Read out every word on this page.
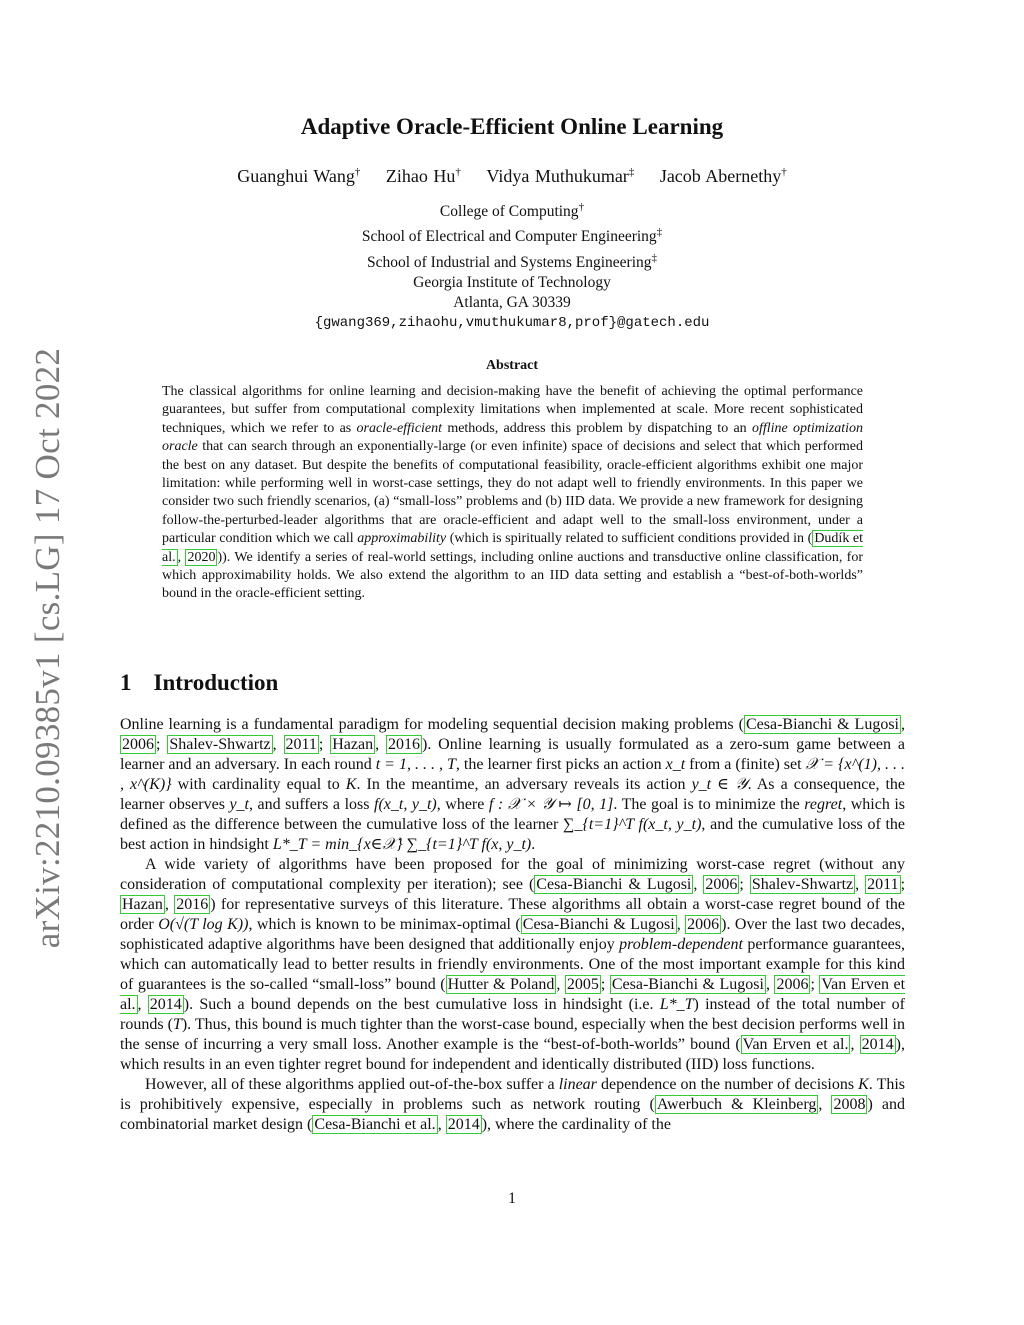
arXiv:2210.09385v1 [cs.LG] 17 Oct 2022
Adaptive Oracle-Efficient Online Learning
Guanghui Wang† Zihao Hu† Vidya Muthukumar‡ Jacob Abernethy†
College of Computing†
School of Electrical and Computer Engineering‡
School of Industrial and Systems Engineering‡
Georgia Institute of Technology
Atlanta, GA 30339
{gwang369,zihaohu,vmuthukumar8,prof}@gatech.edu
Abstract
The classical algorithms for online learning and decision-making have the benefit of achieving the optimal performance guarantees, but suffer from computational complexity limitations when implemented at scale. More recent sophisticated techniques, which we refer to as oracle-efficient methods, address this problem by dispatching to an offline optimization oracle that can search through an exponentially-large (or even infinite) space of decisions and select that which performed the best on any dataset. But despite the benefits of computational feasibility, oracle-efficient algorithms exhibit one major limitation: while performing well in worst-case settings, they do not adapt well to friendly environments. In this paper we consider two such friendly scenarios, (a) “small-loss” problems and (b) IID data. We provide a new framework for designing follow-the-perturbed-leader algorithms that are oracle-efficient and adapt well to the small-loss environment, under a particular condition which we call approximability (which is spiritually related to sufficient conditions provided in ( Dudík et al. , 2020 )). We identify a series of real-world settings, including online auctions and transductive online classification, for which approximability holds. We also extend the algorithm to an IID data setting and establish a “best-of-both-worlds” bound in the oracle-efficient setting.
1 Introduction

Online learning is a fundamental paradigm for modeling sequential decision making problems ( Cesa-Bianchi & Lugosi , 2006 ; Shalev-Shwartz , 2011 ; Hazan , 2016 ). Online learning is usually formulated as a zero-sum game between a learner and an adversary. In each round t = 1, . . . , T, the learner first picks an action x_t from a (finite) set 𝒳 = {x^(1), . . . , x^(K)} with cardinality equal to K. In the meantime, an adversary reveals its action y_t ∈ 𝒴. As a consequence, the learner observes y_t, and suffers a loss f(x_t, y_t), where f : 𝒳 × 𝒴 ↦ [0, 1]. The goal is to minimize the regret, which is defined as the difference between the cumulative loss of the learner ∑_{t=1}^T f(x_t, y_t), and the cumulative loss of the best action in hindsight L*_T = min_{x∈𝒳} ∑_{t=1}^T f(x, y_t).

A wide variety of algorithms have been proposed for the goal of minimizing worst-case regret (without any consideration of computational complexity per iteration); see ( Cesa-Bianchi & Lugosi , 2006 ; Shalev-Shwartz , 2011 ; Hazan , 2016 ) for representative surveys of this literature. These algorithms all obtain a worst-case regret bound of the order O(√(T log K)), which is known to be minimax-optimal ( Cesa-Bianchi & Lugosi , 2006 ). Over the last two decades, sophisticated adaptive algorithms have been designed that additionally enjoy problem-dependent performance guarantees, which can automatically lead to better results in friendly environments. One of the most important example for this kind of guarantees is the so-called “small-loss” bound ( Hutter & Poland , 2005 ; Cesa-Bianchi & Lugosi , 2006 ; Van Erven et al. , 2014 ). Such a bound depends on the best cumulative loss in hindsight (i.e. L*_T) instead of the total number of rounds (T). Thus, this bound is much tighter than the worst-case bound, especially when the best decision performs well in the sense of incurring a very small loss. Another example is the “best-of-both-worlds” bound ( Van Erven et al. , 2014 ), which results in an even tighter regret bound for independent and identically distributed (IID) loss functions.

However, all of these algorithms applied out-of-the-box suffer a linear dependence on the number of decisions K. This is prohibitively expensive, especially in problems such as network routing ( Awerbuch & Kleinberg , 2008 ) and combinatorial market design ( Cesa-Bianchi et al. , 2014 ), where the cardinality of the

1
